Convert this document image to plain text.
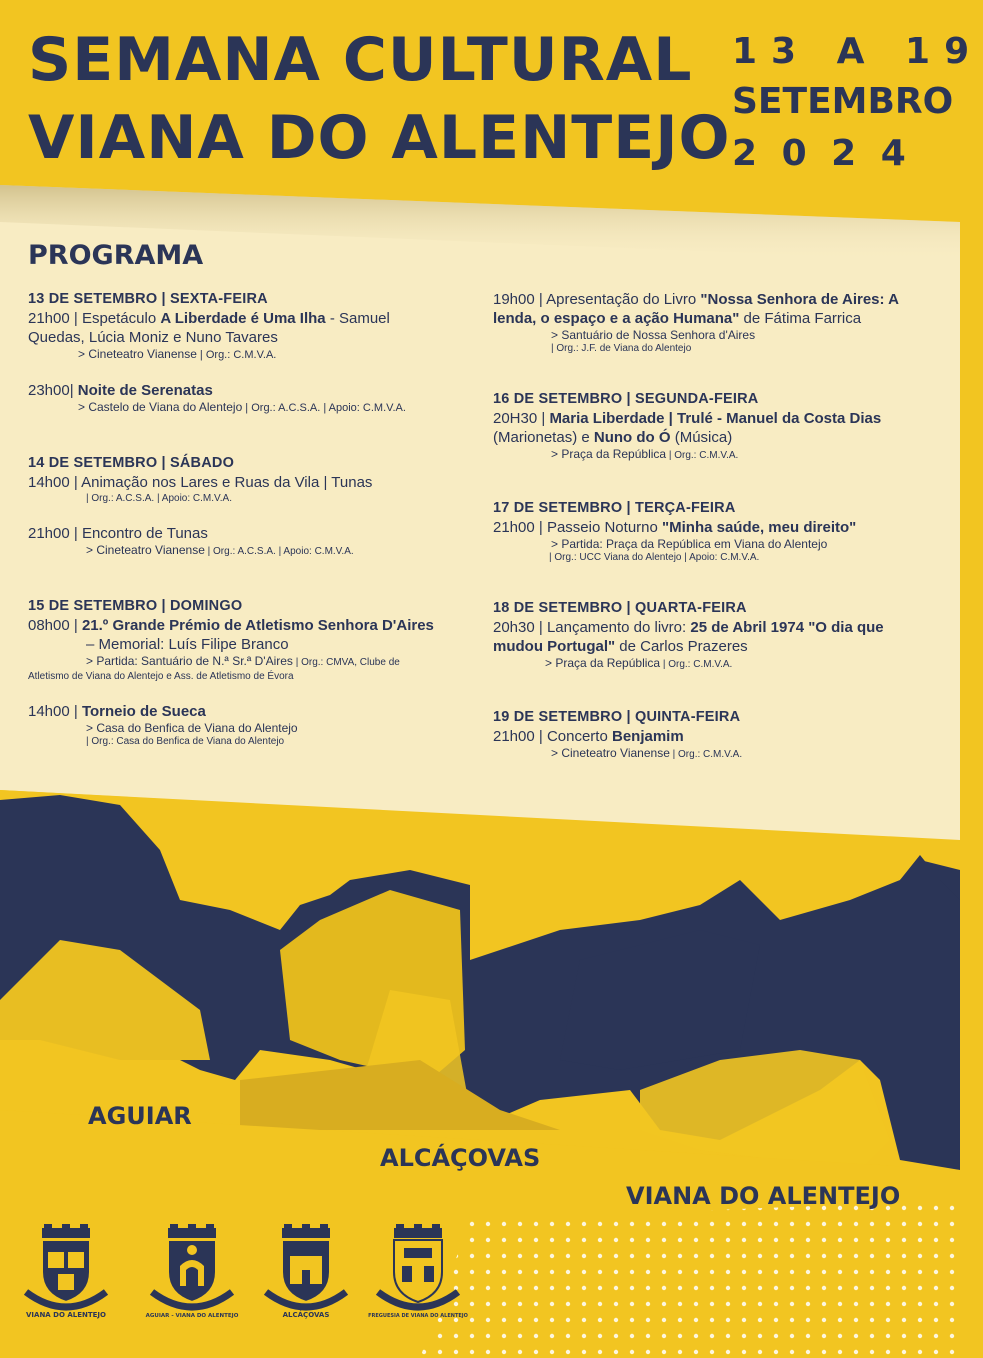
SEMANA CULTURAL
VIANA DO ALENTEJO
13 A 19
SETEMBRO
2 0 2 4
PROGRAMA
13 DE SETEMBRO | SEXTA-FEIRA
21h00 | Espetáculo A Liberdade é Uma Ilha - Samuel
Quedas, Lúcia Moniz e Nuno Tavares
> Cineteatro Vianense | Org.: C.M.V.A.
23h00| Noite de Serenatas
> Castelo de Viana do Alentejo | Org.: A.C.S.A. | Apoio: C.M.V.A.
14 DE SETEMBRO | SÁBADO
14h00 | Animação nos Lares e Ruas da Vila | Tunas
| Org.: A.C.S.A. | Apoio: C.M.V.A.
21h00 | Encontro de Tunas
> Cineteatro Vianense | Org.: A.C.S.A. | Apoio: C.M.V.A.
15 DE SETEMBRO | DOMINGO
08h00 | 21.º Grande Prémio de Atletismo Senhora D'Aires
– Memorial: Luís Filipe Branco
> Partida: Santuário de N.ª Sr.ª D'Aires | Org.: CMVA, Clube de
Atletismo de Viana do Alentejo e Ass. de Atletismo de Évora
14h00 | Torneio de Sueca
> Casa do Benfica de Viana do Alentejo
| Org.: Casa do Benfica de Viana do Alentejo
19h00 | Apresentação do Livro "Nossa Senhora de Aires: A
lenda, o espaço e a ação Humana" de Fátima Farrica
> Santuário de Nossa Senhora d'Aires
| Org.: J.F. de Viana do Alentejo
16 DE SETEMBRO | SEGUNDA-FEIRA
20H30 | Maria Liberdade | Trulé - Manuel da Costa Dias
(Marionetas) e Nuno do Ó (Música)
> Praça da República | Org.: C.M.V.A.
17 DE SETEMBRO | TERÇA-FEIRA
21h00 | Passeio Noturno "Minha saúde, meu direito"
> Partida: Praça da República em Viana do Alentejo
| Org.: UCC Viana do Alentejo | Apoio: C.M.V.A.
18 DE SETEMBRO | QUARTA-FEIRA
20h30 | Lançamento do livro: 25 de Abril 1974 "O dia que
mudou Portugal" de Carlos Prazeres
> Praça da República | Org.: C.M.V.A.
19 DE SETEMBRO | QUINTA-FEIRA
21h00 | Concerto Benjamim
> Cineteatro Vianense | Org.: C.M.V.A.
AGUIAR
ALCÁÇOVAS
VIANA DO ALENTEJO
VIANA DO ALENTEJO	AGUIAR - VIANA DO ALENTEJO	ALCÁÇOVAS	FREGUESIA DE VIANA DO ALENTEJO
